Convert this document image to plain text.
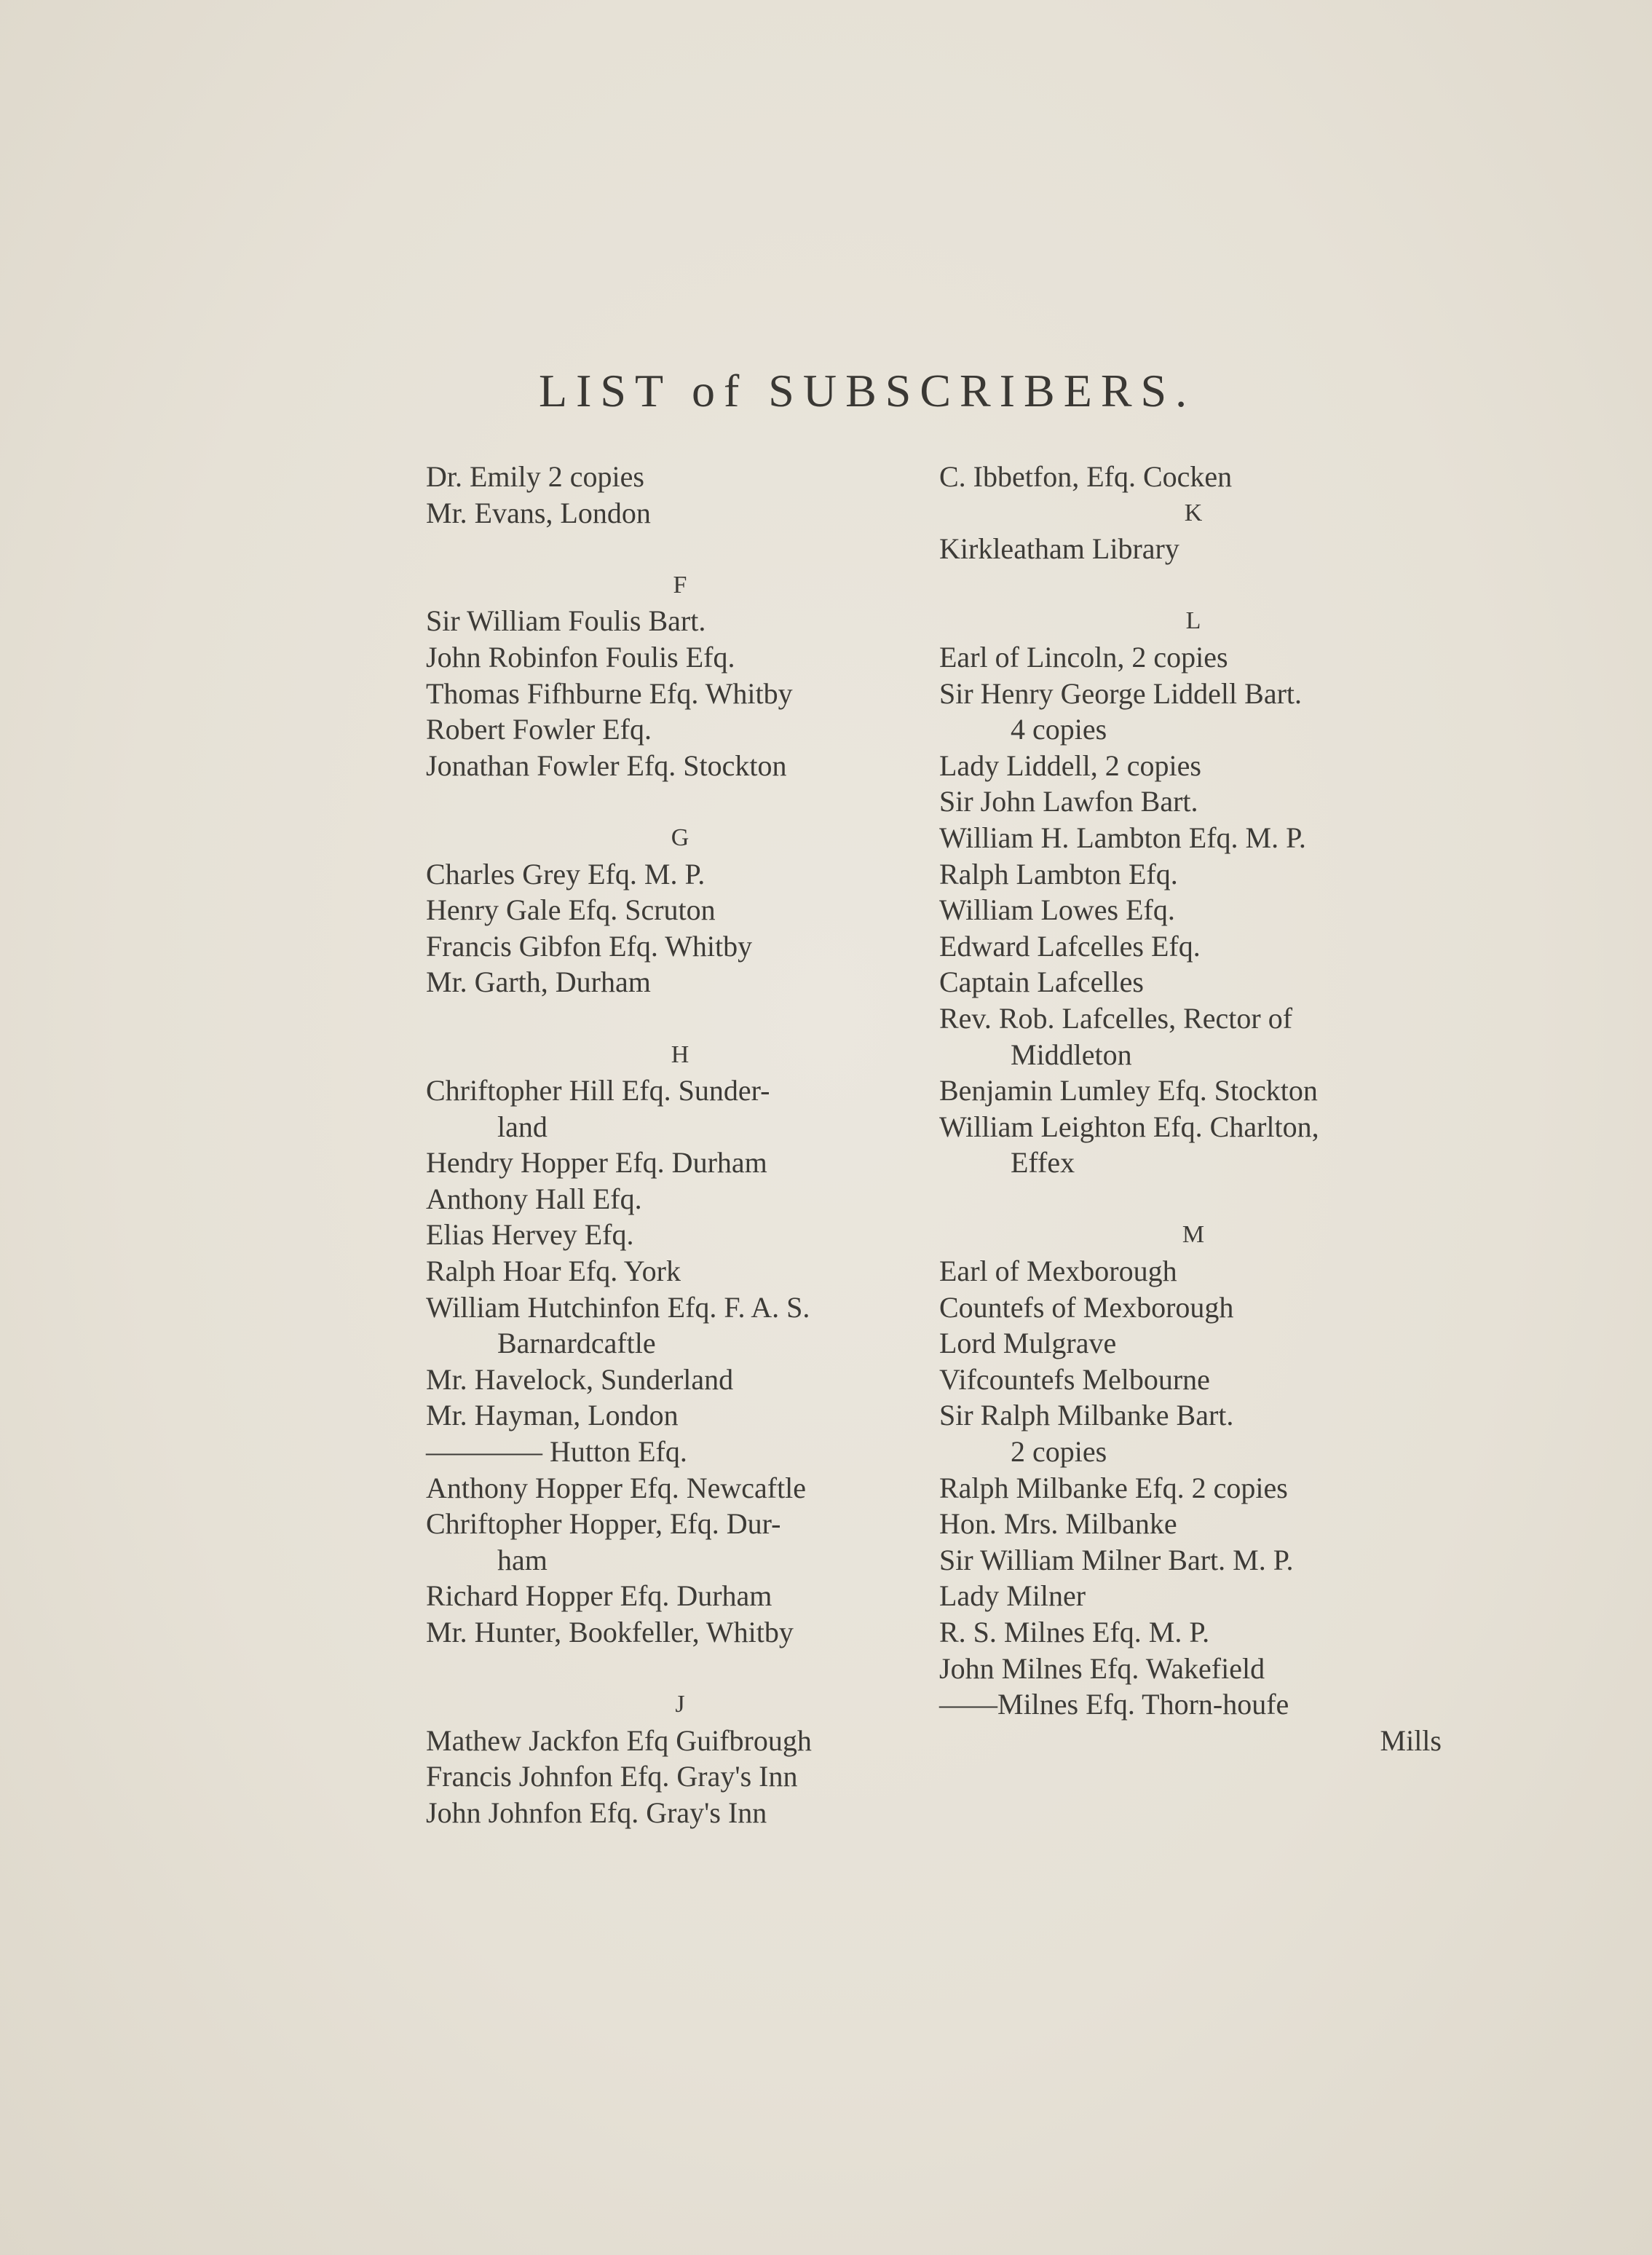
LIST of SUBSCRIBERS.
Dr. Emily 2 copies
Mr. Evans, London
F
Sir William Foulis Bart.
John Robinfon Foulis Efq.
Thomas Fifhburne Efq. Whitby
Robert Fowler Efq.
Jonathan Fowler Efq. Stockton
G
Charles Grey Efq. M. P.
Henry Gale Efq. Scruton
Francis Gibfon Efq. Whitby
Mr. Garth, Durham
H
Chriftopher Hill Efq. Sunder-
land
Hendry Hopper Efq. Durham
Anthony Hall Efq.
Elias Hervey Efq.
Ralph Hoar Efq. York
William Hutchinfon Efq. F. A. S.
Barnardcaftle
Mr. Havelock, Sunderland
Mr. Hayman, London
———— Hutton Efq.
Anthony Hopper Efq. Newcaftle
Chriftopher Hopper, Efq. Dur-
ham
Richard Hopper Efq. Durham
Mr. Hunter, Bookfeller, Whitby
J
Mathew Jackfon Efq Guifbrough
Francis Johnfon Efq. Gray's Inn
John Johnfon Efq. Gray's Inn
C. Ibbetfon, Efq. Cocken
K
Kirkleatham Library
L
Earl of Lincoln, 2 copies
Sir Henry George Liddell Bart.
4 copies
Lady Liddell, 2 copies
Sir John Lawfon Bart.
William H. Lambton Efq. M. P.
Ralph Lambton Efq.
William Lowes Efq.
Edward Lafcelles Efq.
Captain Lafcelles
Rev. Rob. Lafcelles, Rector of
Middleton
Benjamin Lumley Efq. Stockton
William Leighton Efq. Charlton,
Effex
M
Earl of Mexborough
Countefs of Mexborough
Lord Mulgrave
Vifcountefs Melbourne
Sir Ralph Milbanke Bart.
2 copies
Ralph Milbanke Efq. 2 copies
Hon. Mrs. Milbanke
Sir William Milner Bart. M. P.
Lady Milner
R. S. Milnes Efq. M. P.
John Milnes Efq. Wakefield
——Milnes Efq. Thorn-houfe
Mills
